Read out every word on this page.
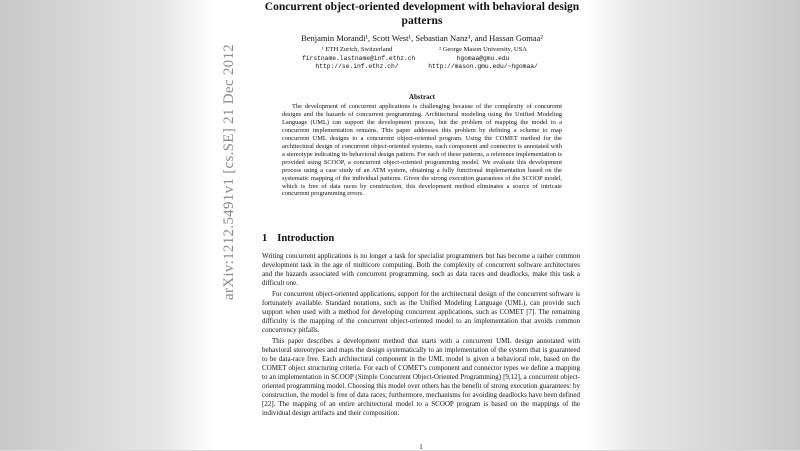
arXiv:1212.5491v1 [cs.SE] 21 Dec 2012
Concurrent object-oriented development with behavioral design patterns
Benjamin Morandi¹, Scott West¹, Sebastian Nanz¹, and Hassan Gomaa²
¹ ETH Zurich, Switzerland
firstname.lastname@inf.ethz.ch
http://se.inf.ethz.ch/
² George Mason University, USA
hgomaa@gmu.edu
http://mason.gmu.edu/~hgomaa/
Abstract
The development of concurrent applications is challenging because of the complexity of concurrent designs and the hazards of concurrent programming. Architectural modeling using the Unified Modeling Language (UML) can support the development process, but the problem of mapping the model to a concurrent implementation remains. This paper addresses this problem by defining a scheme to map concurrent UML designs to a concurrent object-oriented program. Using the COMET method for the architectural design of concurrent object-oriented systems, each component and connector is annotated with a stereotype indicating its behavioral design pattern. For each of these patterns, a reference implementation is provided using SCOOP, a concurrent object-oriented programming model. We evaluate this development process using a case study of an ATM system, obtaining a fully functional implementation based on the systematic mapping of the individual patterns. Given the strong execution guarantees of the SCOOP model, which is free of data races by construction, this development method eliminates a source of intricate concurrent programming errors.
1 Introduction
Writing concurrent applications is no longer a task for specialist programmers but has become a rather common development task in the age of multicore computing. Both the complexity of concurrent software architectures and the hazards associated with concurrent programming, such as data races and deadlocks, make this task a difficult one.
For concurrent object-oriented applications, support for the architectural design of the concurrent software is fortunately available. Standard notations, such as the Unified Modeling Language (UML), can provide such support when used with a method for developing concurrent applications, such as COMET [7]. The remaining difficulty is the mapping of the concurrent object-oriented model to an implementation that avoids common concurrency pitfalls.
This paper describes a development method that starts with a concurrent UML design annotated with behavioral stereotypes and maps the design systematically to an implementation of the system that is guaranteed to be data-race free. Each architectural component in the UML model is given a behavioral role, based on the COMET object structuring criteria. For each of COMET's component and connector types we define a mapping to an implementation in SCOOP (Simple Concurrent Object-Oriented Programming) [9,12], a concurrent object-oriented programming model. Choosing this model over others has the benefit of strong execution guarantees: by construction, the model is free of data races; furthermore, mechanisms for avoiding deadlocks have been defined [22]. The mapping of an entire architectural model to a SCOOP program is based on the mappings of the individual design artifacts and their composition.
1
